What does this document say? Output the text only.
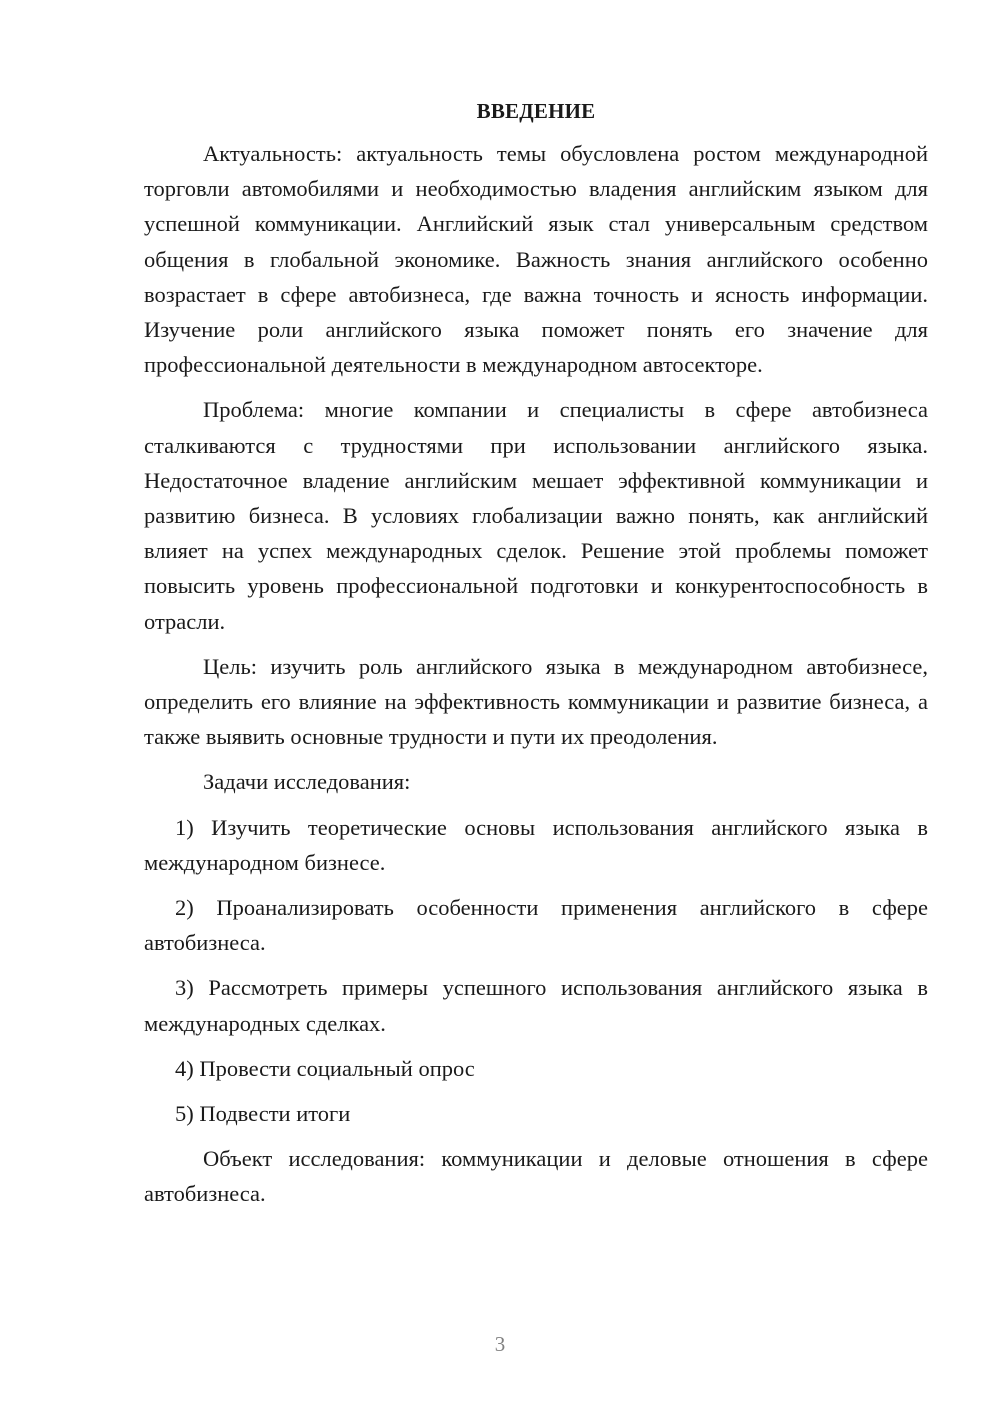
ВВЕДЕНИЕ

Актуальность: актуальность темы обусловлена ростом международной торговли автомобилями и необходимостью владения английским языком для успешной коммуникации. Английский язык стал универсальным средством общения в глобальной экономике. Важность знания английского особенно возрастает в сфере автобизнеса, где важна точность и ясность информации. Изучение роли английского языка поможет понять его значение для профессиональной деятельности в международном автосекторе.

Проблема: многие компании и специалисты в сфере автобизнеса сталкиваются с трудностями при использовании английского языка. Недостаточное владение английским мешает эффективной коммуникации и развитию бизнеса. В условиях глобализации важно понять, как английский влияет на успех международных сделок. Решение этой проблемы поможет повысить уровень профессиональной подготовки и конкурентоспособность в отрасли.

Цель: изучить роль английского языка в международном автобизнесе, определить его влияние на эффективность коммуникации и развитие бизнеса, а также выявить основные трудности и пути их преодоления.

Задачи исследования:

1) Изучить теоретические основы использования английского языка в международном бизнесе.

2) Проанализировать особенности применения английского в сфере автобизнеса.

3) Рассмотреть примеры успешного использования английского языка в международных сделках.

4) Провести социальный опрос

5) Подвести итоги

Объект исследования: коммуникации и деловые отношения в сфере автобизнеса.

3
